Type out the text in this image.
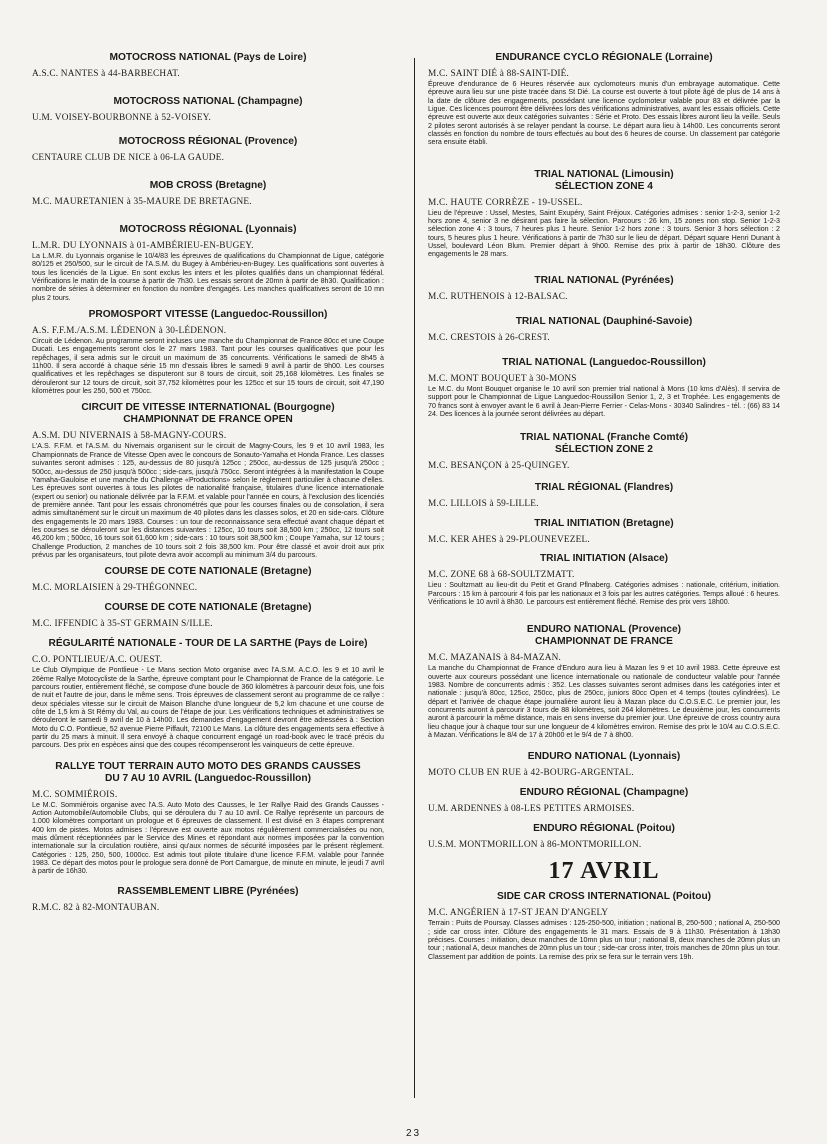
MOTOCROSS NATIONAL (Pays de Loire)
A.S.C. NANTES à 44-BARBECHAT.
MOTOCROSS NATIONAL (Champagne)
U.M. VOISEY-BOURBONNE à 52-VOISEY.
MOTOCROSS RÉGIONAL (Provence)
CENTAURE CLUB DE NICE à 06-LA GAUDE.
MOB CROSS (Bretagne)
M.C. MAURETANIEN à 35-MAURE DE BRETAGNE.
MOTOCROSS RÉGIONAL (Lyonnais)
L.M.R. DU LYONNAIS à 01-AMBÉRIEU-EN-BUGEY.

La L.M.R. du Lyonnais organise le 10/4/83 les épreuves de qualifications du Championnat de Ligue, catégorie 80/125 et 250/500, sur le circuit de l'A.S.M. du Bugey à Ambérieu-en-Bugey. Les qualifications sont ouvertes à tous les licenciés de la Ligue. En sont exclus les inters et les pilotes qualifiés dans un championnat fédéral. Vérifications le matin de la course à partir de 7h30. Les essais seront de 20mn à partir de 8h30. Qualification : nombre de séries à déterminer en fonction du nombre d'engagés. Les manches qualificatives seront de 10 mn plus 2 tours.

PROMOSPORT VITESSE (Languedoc-Roussillon)
A.S. F.F.M./A.S.M. LÉDENON à 30-LÉDENON.

Circuit de Lédenon. Au programme seront incluses une manche du Championnat de France 80cc et une Coupe Ducati. Les engagements seront clos le 27 mars 1983. Tant pour les courses qualificatives que pour les repêchages, il sera admis sur le circuit un maximum de 35 concurrents. Vérifications le samedi de 8h45 à 11h00. Il sera accordé à chaque série 15 mn d'essais libres le samedi 9 avril à partir de 9h00. Les courses qualificatives et les repêchages se disputeront sur 8 tours de circuit, soit 25,168 kilomètres. Les finales se dérouleront sur 12 tours de circuit, soit 37,752 kilomètres pour les 125cc et sur 15 tours de circuit, soit 47,190 kilomètres pour les 250, 500 et 750cc.

CIRCUIT DE VITESSE INTERNATIONAL (Bourgogne)
CHAMPIONNAT DE FRANCE OPEN
A.S.M. DU NIVERNAIS à 58-MAGNY-COURS.

L'A.S. F.F.M. et l'A.S.M. du Nivernais organisent sur le circuit de Magny-Cours, les 9 et 10 avril 1983, les Championnats de France de Vitesse Open avec le concours de Sonauto-Yamaha et Honda France. Les classes suivantes seront admises : 125, au-dessus de 80 jusqu'à 125cc ; 250cc, au-dessus de 125 jusqu'à 250cc ; 500cc, au-dessus de 250 jusqu'à 500cc ; side-cars, jusqu'à 750cc. Seront intégrées à la manifestation la Coupe Yamaha-Gauloise et une manche du Challenge «Productions» selon le règlement particulier à chacune d'elles. Les épreuves sont ouvertes à tous les pilotes de nationalité française, titulaires d'une licence internationale (expert ou senior) ou nationale délivrée par la F.F.M. et valable pour l'année en cours, à l'exclusion des licenciés de première année. Tant pour les essais chronométrés que pour les courses finales ou de consolation, il sera admis simultanément sur le circuit un maximum de 40 pilotes dans les classes solos, et 20 en side-cars. Clôture des engagements le 20 mars 1983. Courses : un tour de reconnaissance sera effectué avant chaque départ et les courses se dérouleront sur les distances suivantes : 125cc, 10 tours soit 38,500 km ; 250cc, 12 tours soit 46,200 km ; 500cc, 16 tours soit 61,600 km ; side-cars : 10 tours soit 38,500 km ; Coupe Yamaha, sur 12 tours ; Challenge Production, 2 manches de 10 tours soit 2 fois 38,500 km. Pour être classé et avoir droit aux prix prévus par les organisateurs, tout pilote devra avoir accompli au minimum 3/4 du parcours.

COURSE DE COTE NATIONALE (Bretagne)
M.C. MORLAISIEN à 29-THÉGONNEC.
COURSE DE COTE NATIONALE (Bretagne)
M.C. IFFENDIC à 35-ST GERMAIN S/ILLE.
RÉGULARITÉ NATIONALE - TOUR DE LA SARTHE (Pays de Loire)
C.O. PONTLIEUE/A.C. OUEST.

Le Club Olympique de Pontlieue - Le Mans section Moto organise avec l'A.S.M. A.C.O. les 9 et 10 avril le 26ème Rallye Motocycliste de la Sarthe, épreuve comptant pour le Championnat de France de la catégorie. Le parcours routier, entièrement fléché, se compose d'une boucle de 360 kilomètres à parcourir deux fois, une fois de nuit et l'autre de jour, dans le même sens. Trois épreuves de classement seront au programme de ce rallye : deux spéciales vitesse sur le circuit de Maison Blanche d'une longueur de 5,2 km chacune et une course de côte de 1,5 km à St Rémy du Val, au cours de l'étape de jour. Les vérifications techniques et administratives se dérouleront le samedi 9 avril de 10 à 14h00. Les demandes d'engagement devront être adressées à : Section Moto du C.O. Pontlieue, 52 avenue Pierre Piffault, 72100 Le Mans. La clôture des engagements sera effective à partir du 25 mars à minuit. Il sera envoyé à chaque concurrent engagé un road-book avec le tracé précis du parcours. Des prix en espèces ainsi que des coupes récompenseront les vainqueurs de cette épreuve.

RALLYE TOUT TERRAIN AUTO MOTO DES GRANDS CAUSSES
DU 7 AU 10 AVRIL (Languedoc-Roussillon)
M.C. SOMMIÉROIS.

Le M.C. Sommiérois organise avec l'A.S. Auto Moto des Causses, le 1er Rallye Raid des Grands Causses - Action Automobile/Automobile Clubs, qui se déroulera du 7 au 10 avril. Ce Rallye représente un parcours de 1.000 kilomètres comportant un prologue et 6 épreuves de classement. Il est divisé en 3 étapes comprenant 400 km de pistes. Motos admises : l'épreuve est ouverte aux motos régulièrement commercialisées ou non, mais dûment réceptionnées par le Service des Mines et répondant aux normes imposées par la convention internationale sur la circulation routière, ainsi qu'aux normes de sécurité imposées par le présent règlement. Catégories : 125, 250, 500, 1000cc. Est admis tout pilote titulaire d'une licence F.F.M. valable pour l'année 1983. Ce départ des motos pour le prologue sera donné de Port Camargue, de minute en minute, le jeudi 7 avril à partir de 16h30.

RASSEMBLEMENT LIBRE (Pyrénées)
R.M.C. 82 à 82-MONTAUBAN.
ENDURANCE CYCLO RÉGIONALE (Lorraine)
M.C. SAINT DIÉ à 88-SAINT-DIÉ.

Épreuve d'endurance de 6 Heures réservée aux cyclomoteurs munis d'un embrayage automatique. Cette épreuve aura lieu sur une piste tracée dans St Dié. La course est ouverte à tout pilote âgé de plus de 14 ans à la date de clôture des engagements, possédant une licence cyclomoteur valable pour 83 et délivrée par la Ligue. Ces licences pourront être délivrées lors des vérifications administratives, avant les essais officiels. Cette épreuve est ouverte aux deux catégories suivantes : Série et Proto. Des essais libres auront lieu la veille. Seuls 2 pilotes seront autorisés à se relayer pendant la course. Le départ aura lieu à 14h00. Les concurrents seront classés en fonction du nombre de tours effectués au bout des 6 heures de course. Un classement par catégorie sera ensuite établi.

TRIAL NATIONAL (Limousin)
SÉLECTION ZONE 4
M.C. HAUTE CORRÈZE - 19-USSEL.

Lieu de l'épreuve : Ussel, Mestes, Saint Exupéry, Saint Fréjoux. Catégories admises : senior 1-2-3, senior 1-2 hors zone 4, senior 3 ne désirant pas faire la sélection. Parcours : 26 km, 15 zones non stop. Senior 1-2-3 sélection zone 4 : 3 tours, 7 heures plus 1 heure. Senior 1-2 hors zone : 3 tours. Senior 3 hors sélection : 2 tours, 5 heures plus 1 heure. Vérifications à partir de 7h30 sur le lieu de départ. Départ square Henri Dunant à Ussel, boulevard Léon Blum. Premier départ à 9h00. Remise des prix à partir de 18h30. Clôture des engagements le 28 mars.

TRIAL NATIONAL (Pyrénées)
M.C. RUTHENOIS à 12-BALSAC.
TRIAL NATIONAL (Dauphiné-Savoie)
M.C. CRESTOIS à 26-CREST.
TRIAL NATIONAL (Languedoc-Roussillon)
M.C. MONT BOUQUET à 30-MONS

Le M.C. du Mont Bouquet organise le 10 avril son premier trial national à Mons (10 kms d'Alès). Il servira de support pour le Championnat de Ligue Languedoc-Roussillon Senior 1, 2, 3 et Trophée. Les engagements de 70 francs sont à envoyer avant le 6 avril à Jean-Pierre Ferrier - Celas-Mons - 30340 Salindres - tél. : (66) 83 14 24. Des licences à la journée seront délivrées au départ.

TRIAL NATIONAL (Franche Comté)
SÉLECTION ZONE 2
M.C. BESANÇON à 25-QUINGEY.
TRIAL RÉGIONAL (Flandres)
M.C. LILLOIS à 59-LILLE.
TRIAL INITIATION (Bretagne)
M.C. KER AHES à 29-PLOUNEVEZEL.
TRIAL INITIATION (Alsace)
M.C. ZONE 68 à 68-SOULTZMATT.

Lieu : Soultzmatt au lieu-dit du Petit et Grand Pflnaberg. Catégories admises : nationale, critérium, initiation. Parcours : 15 km à parcourir 4 fois par les nationaux et 3 fois par les autres catégories. Temps alloué : 6 heures. Vérifications le 10 avril à 8h30. Le parcours est entièrement fléché. Remise des prix vers 18h00.

ENDURO NATIONAL (Provence)
CHAMPIONNAT DE FRANCE
M.C. MAZANAIS à 84-MAZAN.

La manche du Championnat de France d'Enduro aura lieu à Mazan les 9 et 10 avril 1983. Cette épreuve est ouverte aux coureurs possédant une licence internationale ou nationale de conducteur valable pour l'année 1983. Nombre de concurrents admis : 352. Les classes suivantes seront admises dans les catégories inter et nationale : jusqu'à 80cc, 125cc, 250cc, plus de 250cc, juniors 80cc Open et 4 temps (toutes cylindrées). Le départ et l'arrivée de chaque étape journalière auront lieu à Mazan place du C.O.S.E.C. Le premier jour, les concurrents auront à parcourir 3 tours de 88 kilomètres, soit 264 kilomètres. Le deuxième jour, les concurrents auront à parcourir la même distance, mais en sens inverse du premier jour. Une épreuve de cross country aura lieu chaque jour à chaque tour sur une longueur de 4 kilomètres environ. Remise des prix le 10/4 au C.O.S.E.C. à Mazan. Vérifications le 8/4 de 17 à 20h00 et le 9/4 de 7 à 8h00.

ENDURO NATIONAL (Lyonnais)
MOTO CLUB EN RUE à 42-BOURG-ARGENTAL.
ENDURO RÉGIONAL (Champagne)
U.M. ARDENNES à 08-LES PETITES ARMOISES.
ENDURO RÉGIONAL (Poitou)
U.S.M. MONTMORILLON à 86-MONTMORILLON.
17 AVRIL
SIDE CAR CROSS INTERNATIONAL (Poitou)
M.C. ANGÉRIEN à 17-ST JEAN D'ANGELY

Terrain : Puits de Poursay. Classes admises : 125-250-500, initiation ; national B, 250-500 ; national A, 250-500 ; side car cross inter. Clôture des engagements le 31 mars. Essais de 9 à 11h30. Présentation à 13h30 précises. Courses : initiation, deux manches de 10mn plus un tour ; national B, deux manches de 20mn plus un tour ; national A, deux manches de 20mn plus un tour ; side-car cross inter, trois manches de 20mn plus un tour. Classement par addition de points. La remise des prix se fera sur le terrain vers 19h.

23
